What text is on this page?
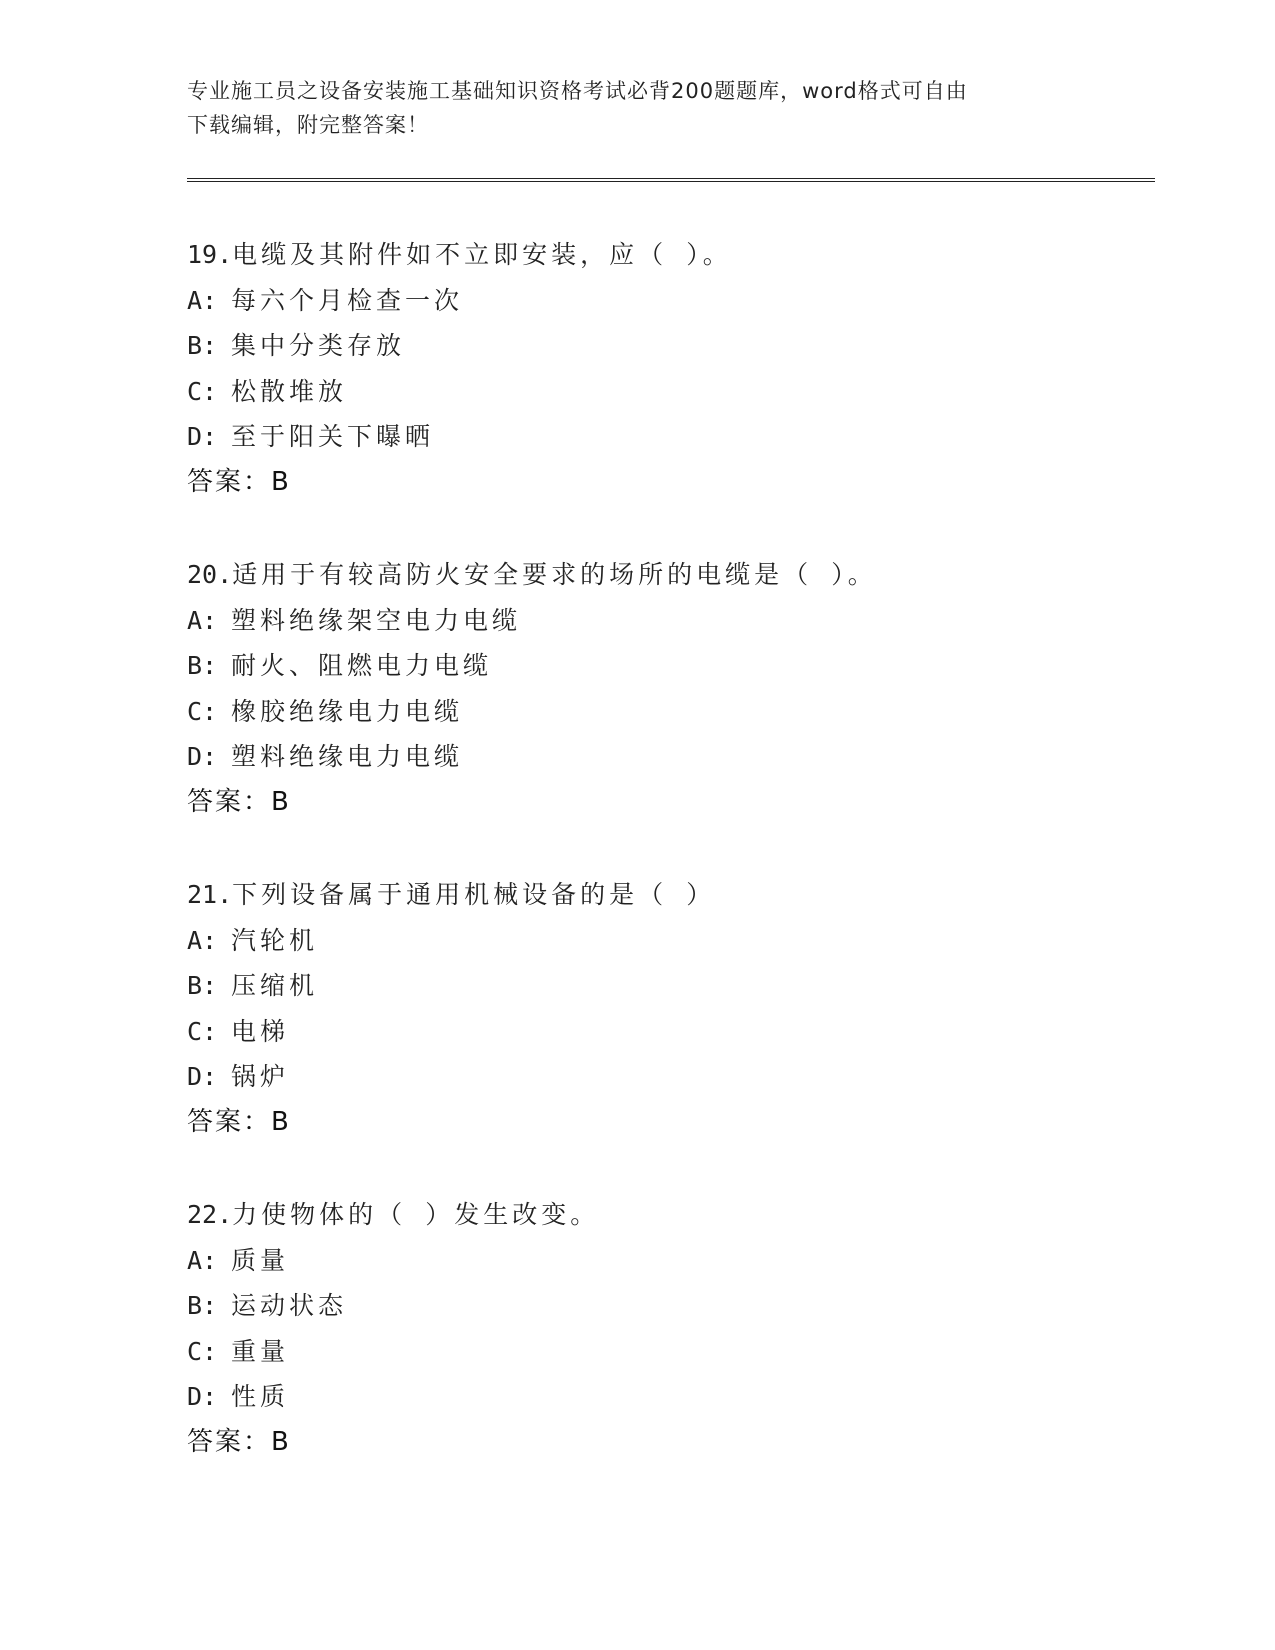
专业施工员之设备安装施工基础知识资格考试必背200题题库，word格式可自由
下载编辑，附完整答案！
19.电缆及其附件如不立即安装，应（ ）。
A: 每六个月检查一次
B: 集中分类存放
C: 松散堆放
D: 至于阳关下曝晒
答案：B
20.适用于有较高防火安全要求的场所的电缆是（ ）。
A: 塑料绝缘架空电力电缆
B: 耐火、阻燃电力电缆
C: 橡胶绝缘电力电缆
D: 塑料绝缘电力电缆
答案：B
21.下列设备属于通用机械设备的是（ ）
A: 汽轮机
B: 压缩机
C: 电梯
D: 锅炉
答案：B
22.力使物体的（ ）发生改变。
A: 质量
B: 运动状态
C: 重量
D: 性质
答案：B
